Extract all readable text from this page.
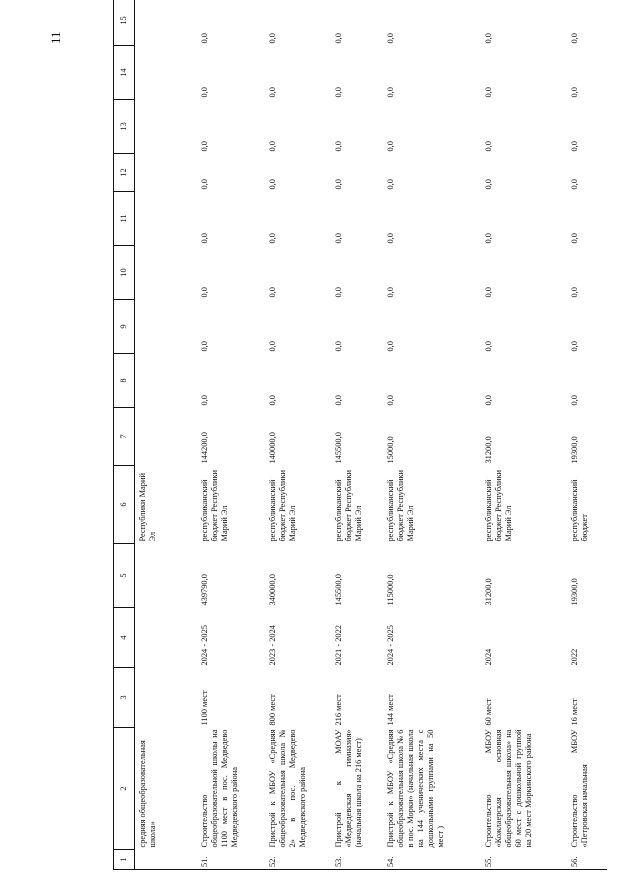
11
1	2	3	4	5	6	7	8	9	10	11	12	13	14	15
	средняя общеобразовательная школа»				Республики Марий Эл									
51.	Строительство общеобразовательной школы на 1100 мест в пос. Медведево Медведевского района	1100 мест	2024 - 2025	439790,0	республиканский бюджет Республики Марий Эл	144200,0	0,0	0,0	0,0	0,0	0,0	0,0	0,0	0,0
52.	Пристрой к МБОУ «Средняя общеобразовательная школа № 2» в пос. Медведево Медведевского района	800 мест	2023 - 2024	340000,0	республиканский бюджет Республики Марий Эл	140000,0	0,0	0,0	0,0	0,0	0,0	0,0	0,0	0,0
53.	Пристрой к МОАУ «Медведевская гимназия» (начальная школа на 216 мест)	216 мест	2021 - 2022	145500,0	республиканский бюджет Республики Марий Эл	145500,0	0,0	0,0	0,0	0,0	0,0	0,0	0,0	0,0
54.	Пристрой к МБОУ «Средняя общеобразовательная школа № 6 в пос. Морки» (начальная школа на 144 ученических места с дошкольными группами на 50 мест )	144 мест	2024 - 2025	115000,0	республиканский бюджет Республики Марий Эл	15000,0	0,0	0,0	0,0	0,0	0,0	0,0	0,0	0,0
55.	Строительство МБОУ «Кожлаерская основная общеобразовательная школа» на 60 мест с дошкольной группой на 20 мест Моркинского района	60 мест	2024	31200,0	республиканский бюджет Республики Марий Эл	31200,0	0,0	0,0	0,0	0,0	0,0	0,0	0,0	0,0
56.	Строительство МБОУ «Петровская начальная	16 мест	2022	19300,0	республиканский бюджет	19300,0	0,0	0,0	0,0	0,0	0,0	0,0	0,0	0,0
